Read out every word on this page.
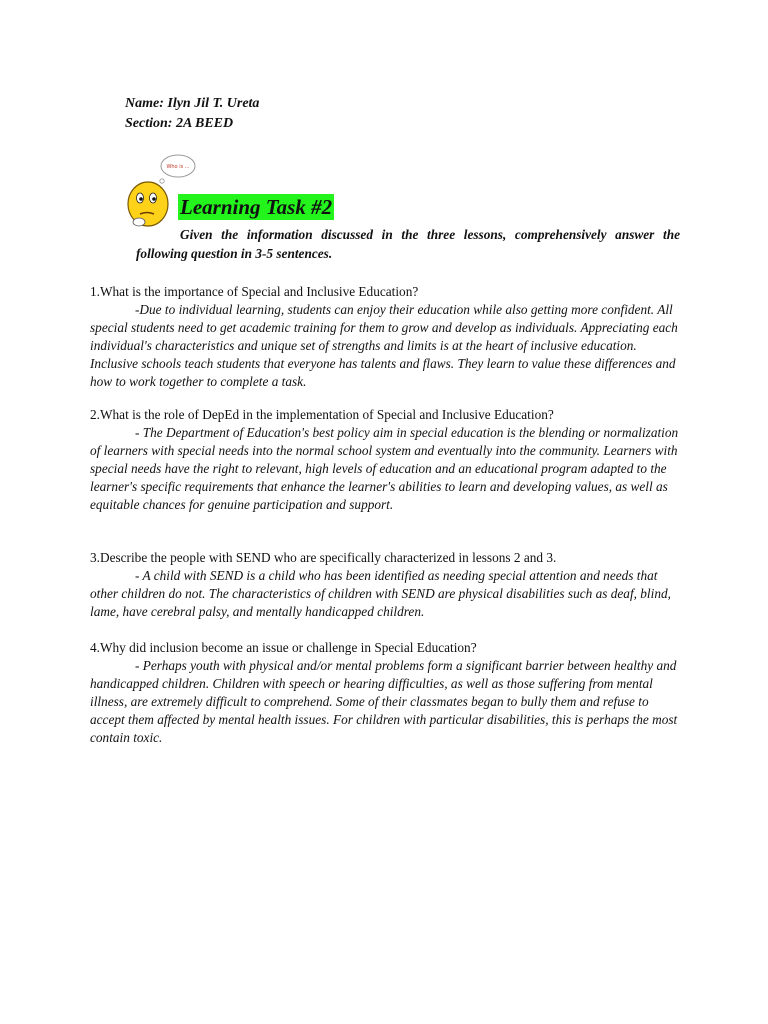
Name: Ilyn Jil T. Ureta
Section: 2A BEED
Who is ...
Learning Task #2
Given the information discussed in the three lessons, comprehensively answer the following question in 3-5 sentences.

1.What is the importance of Special and Inclusive Education?

-Due to individual learning, students can enjoy their education while also getting more confident. All special students need to get academic training for them to grow and develop as individuals. Appreciating each individual's characteristics and unique set of strengths and limits is at the heart of inclusive education. Inclusive schools teach students that everyone has talents and flaws. They learn to value these differences and how to work together to complete a task.

2.What is the role of DepEd in the implementation of Special and Inclusive Education?

- The Department of Education's best policy aim in special education is the blending or normalization of learners with special needs into the normal school system and eventually into the community. Learners with special needs have the right to relevant, high levels of education and an educational program adapted to the learner's specific requirements that enhance the learner's abilities to learn and developing values, as well as equitable chances for genuine participation and support.

3.Describe the people with SEND who are specifically characterized in lessons 2 and 3.

- A child with SEND is a child who has been identified as needing special attention and needs that other children do not. The characteristics of children with SEND are physical disabilities such as deaf, blind, lame, have cerebral palsy, and mentally handicapped children.

4.Why did inclusion become an issue or challenge in Special Education?

- Perhaps youth with physical and/or mental problems form a significant barrier between healthy and handicapped children. Children with speech or hearing difficulties, as well as those suffering from mental illness, are extremely difficult to comprehend. Some of their classmates began to bully them and refuse to accept them affected by mental health issues. For children with particular disabilities, this is perhaps the most contain toxic.
